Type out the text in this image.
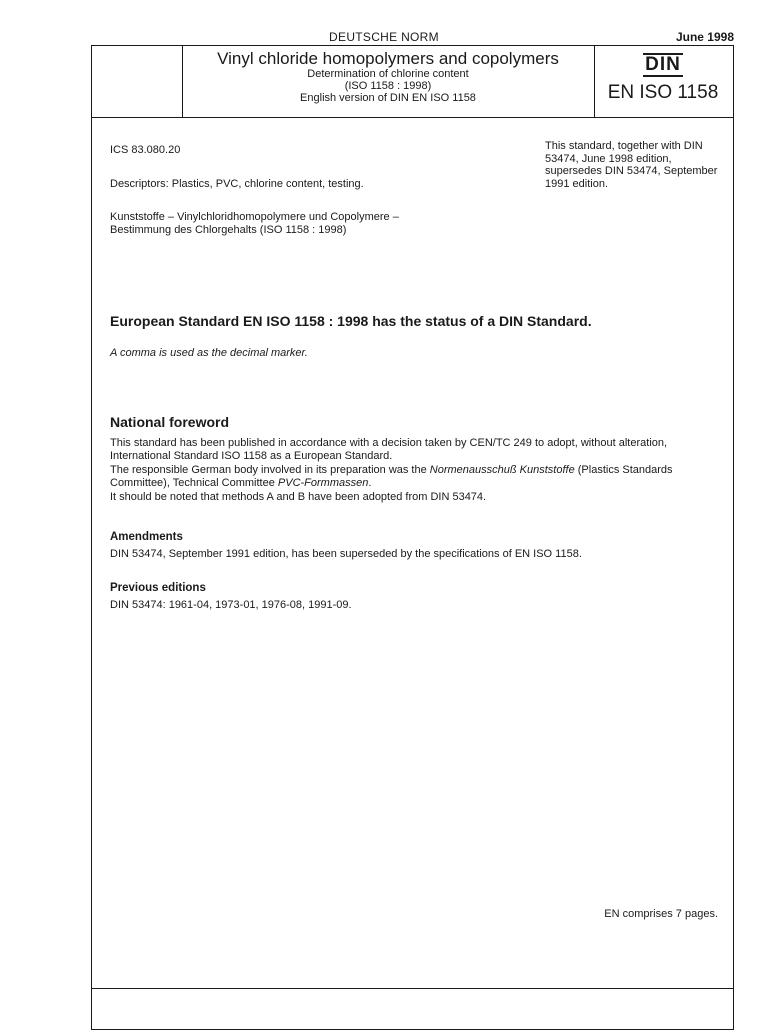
DEUTSCHE NORM	June 1998
Vinyl chloride homopolymers and copolymers
Determination of chlorine content
(ISO 1158 : 1998)
English version of DIN EN ISO 1158
DIN
EN ISO 1158
ICS 83.080.20	This standard, together with DIN 53474, June 1998 edition, supersedes DIN 53474, September 1991 edition.
Descriptors: Plastics, PVC, chlorine content, testing.
Kunststoffe – Vinylchloridhomopolymere und Copolymere –
Bestimmung des Chlorgehalts (ISO 1158 : 1998)
European Standard EN ISO 1158 : 1998 has the status of a DIN Standard.
A comma is used as the decimal marker.
National foreword

This standard has been published in accordance with a decision taken by CEN/TC 249 to adopt, without alteration, International Standard ISO 1158 as a European Standard.

The responsible German body involved in its preparation was the Normenausschuß Kunststoffe (Plastics Standards Committee), Technical Committee PVC-Formmassen.

It should be noted that methods A and B have been adopted from DIN 53474.

Amendments
DIN 53474, September 1991 edition, has been superseded by the specifications of EN ISO 1158.
Previous editions
DIN 53474: 1961-04, 1973-01, 1976-08, 1991-09.
EN comprises 7 pages.
